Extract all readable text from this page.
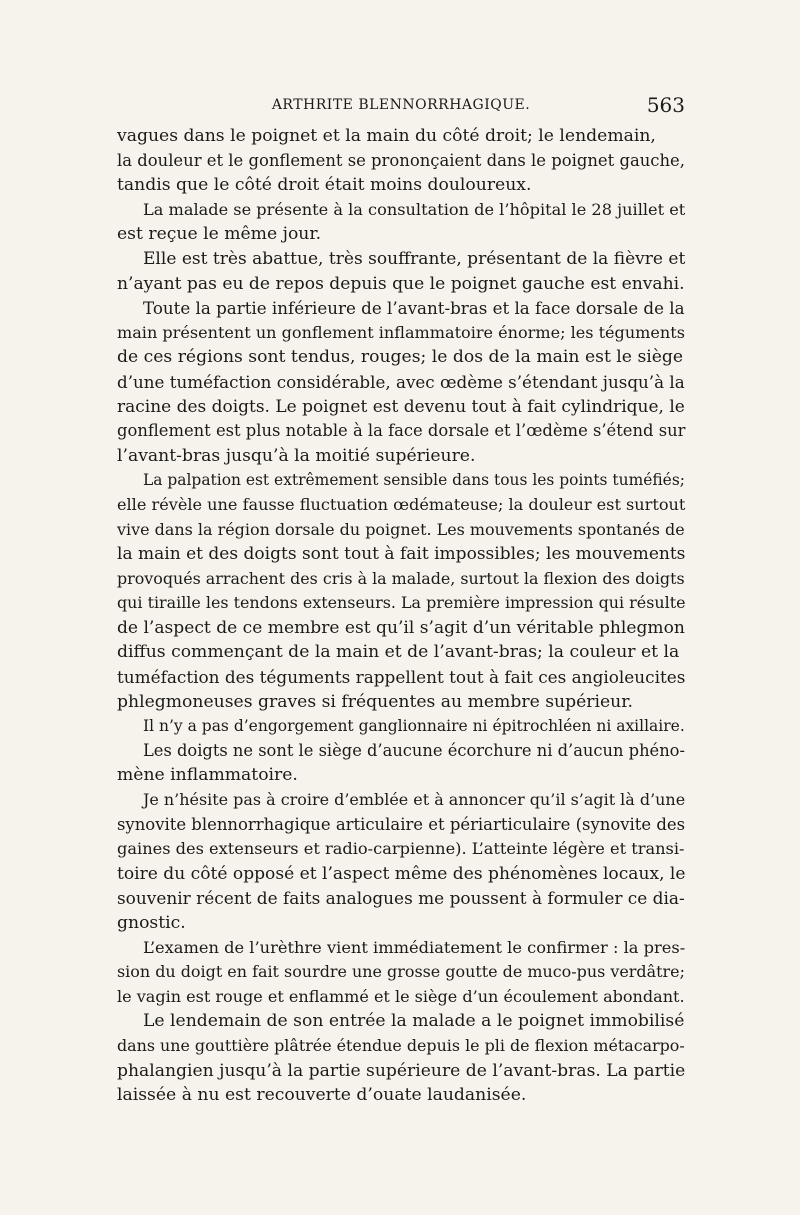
ARTHRITE BLENNORRHAGIQUE.	563
vagues dans le poignet et la main du côté droit; le lendemain,
la douleur et le gonflement se prononçaient dans le poignet gauche,
tandis que le côté droit était moins douloureux.
La malade se présente à la consultation de l’hôpital le 28 juillet et
est reçue le même jour.
Elle est très abattue, très souffrante, présentant de la fièvre et
n’ayant pas eu de repos depuis que le poignet gauche est envahi.
Toute la partie inférieure de l’avant-bras et la face dorsale de la
main présentent un gonflement inflammatoire énorme; les téguments
de ces régions sont tendus, rouges; le dos de la main est le siège
d’une tuméfaction considérable, avec œdème s’étendant jusqu’à la
racine des doigts. Le poignet est devenu tout à fait cylindrique, le
gonflement est plus notable à la face dorsale et l’œdème s’étend sur
l’avant-bras jusqu’à la moitié supérieure.
La palpation est extrêmement sensible dans tous les points tuméfiés;
elle révèle une fausse fluctuation œdémateuse; la douleur est surtout
vive dans la région dorsale du poignet. Les mouvements spontanés de
la main et des doigts sont tout à fait impossibles; les mouvements
provoqués arrachent des cris à la malade, surtout la flexion des doigts
qui tiraille les tendons extenseurs. La première impression qui résulte
de l’aspect de ce membre est qu’il s’agit d’un véritable phlegmon
diffus commençant de la main et de l’avant-bras; la couleur et la
tuméfaction des téguments rappellent tout à fait ces angioleucites
phlegmoneuses graves si fréquentes au membre supérieur.
Il n’y a pas d’engorgement ganglionnaire ni épitrochléen ni axillaire.
Les doigts ne sont le siège d’aucune écorchure ni d’aucun phéno-
mène inflammatoire.
Je n’hésite pas à croire d’emblée et à annoncer qu’il s’agit là d’une
synovite blennorrhagique articulaire et périarticulaire (synovite des
gaines des extenseurs et radio-carpienne). L’atteinte légère et transi-
toire du côté opposé et l’aspect même des phénomènes locaux, le
souvenir récent de faits analogues me poussent à formuler ce dia-
gnostic.
L’examen de l’urèthre vient immédiatement le confirmer : la pres-
sion du doigt en fait sourdre une grosse goutte de muco-pus verdâtre;
le vagin est rouge et enflammé et le siège d’un écoulement abondant.
Le lendemain de son entrée la malade a le poignet immobilisé
dans une gouttière plâtrée étendue depuis le pli de flexion métacarpo-
phalangien jusqu’à la partie supérieure de l’avant-bras. La partie
laissée à nu est recouverte d’ouate laudanisée.
